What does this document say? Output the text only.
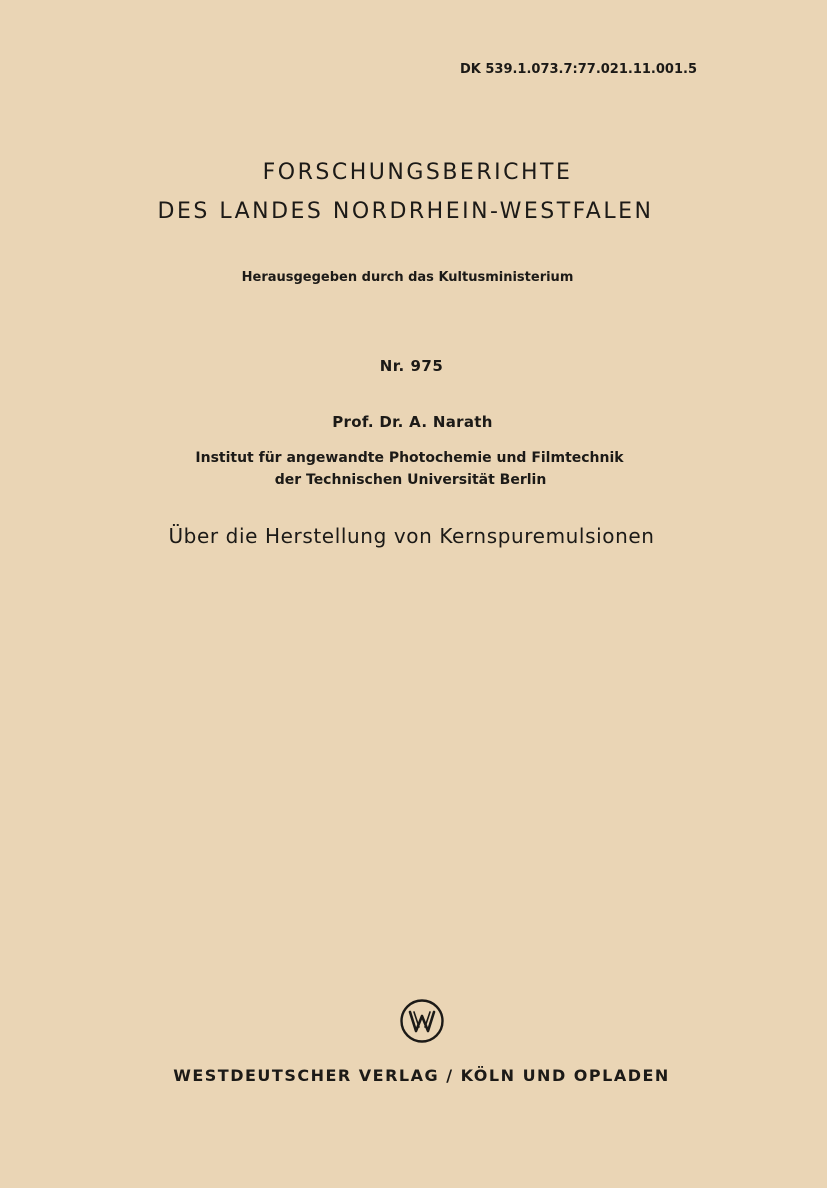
DK 539.1.073.7:77.021.11.001.5
FORSCHUNGSBERICHTE
DES LANDES NORDRHEIN-WESTFALEN
Herausgegeben durch das Kultusministerium
Nr. 975
Prof. Dr. A. Narath
Institut für angewandte Photochemie und Filmtechnik
der Technischen Universität Berlin
Über die Herstellung von Kernspuremulsionen
WESTDEUTSCHER VERLAG / KÖLN UND OPLADEN
